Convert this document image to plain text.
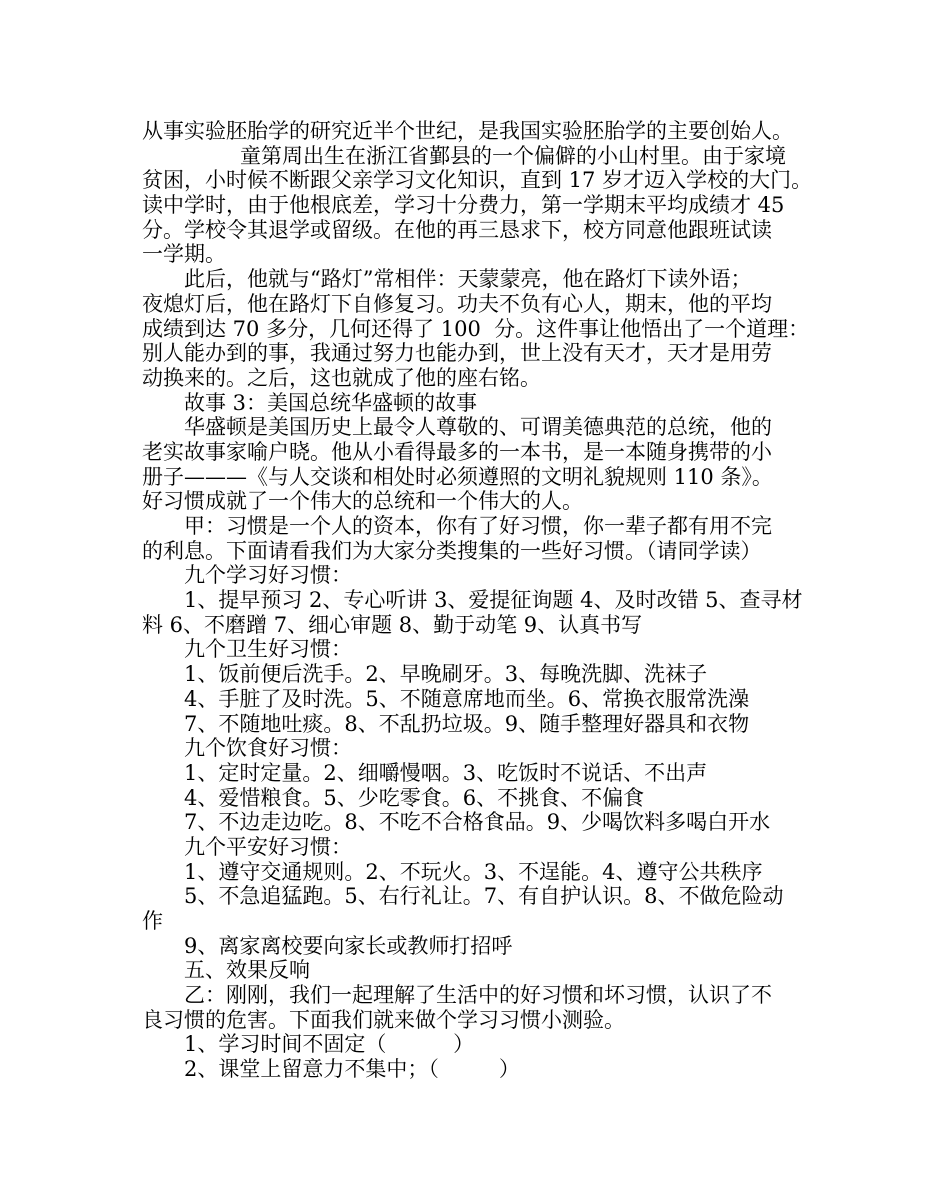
从事实验胚胎学的研究近半个世纪，是我国实验胚胎学的主要创始人。
童第周出生在浙江省鄞县的一个偏僻的小山村里。由于家境
贫困，小时候不断跟父亲学习文化知识，直到 17 岁才迈入学校的大门。
读中学时，由于他根底差，学习十分费力，第一学期末平均成绩才 45
分。学校令其退学或留级。在他的再三恳求下，校方同意他跟班试读
一学期。
此后，他就与“路灯”常相伴：天蒙蒙亮，他在路灯下读外语；
夜熄灯后，他在路灯下自修复习。功夫不负有心人，期末，他的平均
成绩到达 70 多分，几何还得了 100  分。这件事让他悟出了一个道理：
别人能办到的事，我通过努力也能办到，世上没有天才，天才是用劳
动换来的。之后，这也就成了他的座右铭。
故事 3：美国总统华盛顿的故事
华盛顿是美国历史上最令人尊敬的、可谓美德典范的总统，他的
老实故事家喻户晓。他从小看得最多的一本书，是一本随身携带的小
册子———《与人交谈和相处时必须遵照的文明礼貌规则 110 条》。
好习惯成就了一个伟大的总统和一个伟大的人。
甲：习惯是一个人的资本，你有了好习惯，你一辈子都有用不完
的利息。下面请看我们为大家分类搜集的一些好习惯。（请同学读）
九个学习好习惯：
1、提早预习 2、专心听讲 3、爱提征询题 4、及时改错 5、查寻材
料 6、不磨蹭 7、细心审题 8、勤于动笔 9、认真书写
九个卫生好习惯：
1、饭前便后洗手。2、早晚刷牙。3、每晚洗脚、洗袜子
4、手脏了及时洗。5、不随意席地而坐。6、常换衣服常洗澡
7、不随地吐痰。8、不乱扔垃圾。9、随手整理好器具和衣物
九个饮食好习惯：
1、定时定量。2、细嚼慢咽。3、吃饭时不说话、不出声
4、爱惜粮食。5、少吃零食。6、不挑食、不偏食
7、不边走边吃。8、不吃不合格食品。9、少喝饮料多喝白开水
九个平安好习惯：
1、遵守交通规则。2、不玩火。3、不逞能。4、遵守公共秩序
5、不急追猛跑。5、右行礼让。7、有自护认识。8、不做危险动
作
9、离家离校要向家长或教师打招呼
五、效果反响
乙：刚刚，我们一起理解了生活中的好习惯和坏习惯，认识了不
良习惯的危害。下面我们就来做个学习习惯小测验。
1、学习时间不固定（          ）
2、课堂上留意力不集中；（         ）
